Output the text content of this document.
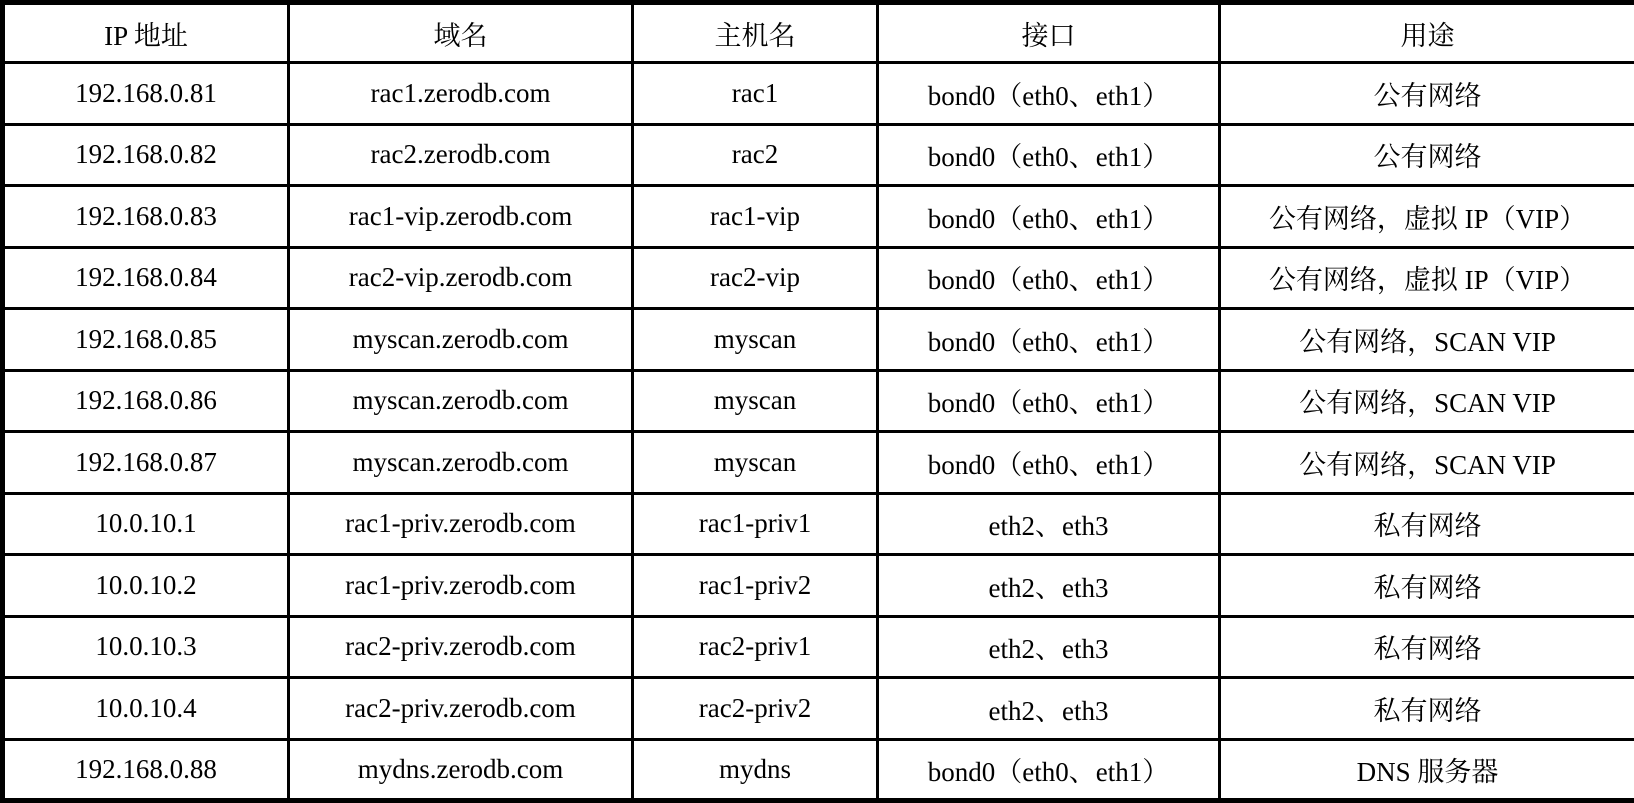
IP 地址	域名	主机名	接口	用途
192.168.0.81	rac1.zerodb.com	rac1	bond0（eth0、eth1）	公有网络
192.168.0.82	rac2.zerodb.com	rac2	bond0（eth0、eth1）	公有网络
192.168.0.83	rac1-vip.zerodb.com	rac1-vip	bond0（eth0、eth1）	公有网络，虚拟 IP（VIP）
192.168.0.84	rac2-vip.zerodb.com	rac2-vip	bond0（eth0、eth1）	公有网络，虚拟 IP（VIP）
192.168.0.85	myscan.zerodb.com	myscan	bond0（eth0、eth1）	公有网络，SCAN VIP
192.168.0.86	myscan.zerodb.com	myscan	bond0（eth0、eth1）	公有网络，SCAN VIP
192.168.0.87	myscan.zerodb.com	myscan	bond0（eth0、eth1）	公有网络，SCAN VIP
10.0.10.1	rac1-priv.zerodb.com	rac1-priv1	eth2、eth3	私有网络
10.0.10.2	rac1-priv.zerodb.com	rac1-priv2	eth2、eth3	私有网络
10.0.10.3	rac2-priv.zerodb.com	rac2-priv1	eth2、eth3	私有网络
10.0.10.4	rac2-priv.zerodb.com	rac2-priv2	eth2、eth3	私有网络
192.168.0.88	mydns.zerodb.com	mydns	bond0（eth0、eth1）	DNS 服务器
